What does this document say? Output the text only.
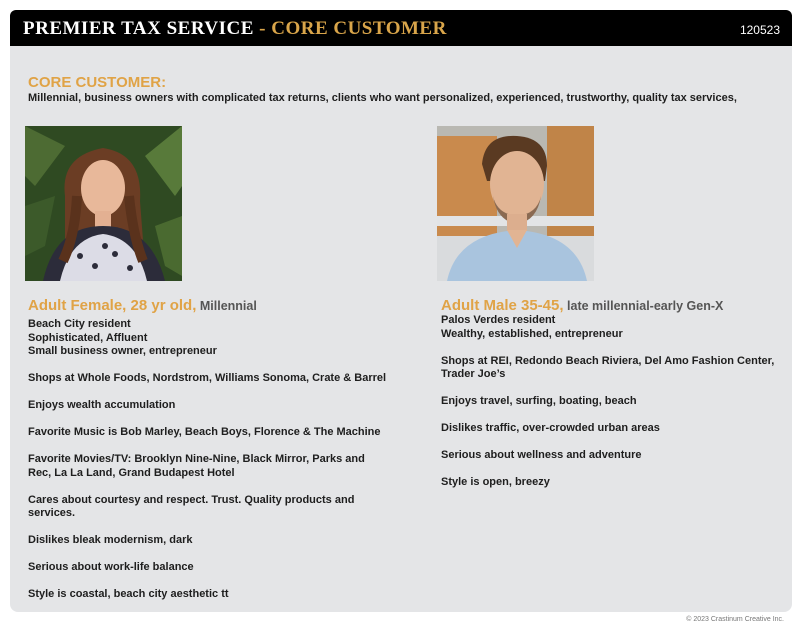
PREMIER TAX SERVICE - CORE CUSTOMER	120523
CORE CUSTOMER:
Millennial, business owners with complicated tax returns, clients who want personalized, experienced, trustworthy, quality tax services,
Adult Female, 28 yr old, Millennial
Beach City resident
Sophisticated, Affluent
Small business owner, entrepreneur
Shops at Whole Foods, Nordstrom, Williams Sonoma, Crate & Barrel
Enjoys wealth accumulation
Favorite Music is Bob Marley, Beach Boys, Florence & The Machine
Favorite Movies/TV: Brooklyn Nine-Nine, Black Mirror, Parks and
Rec, La La Land, Grand Budapest Hotel
Cares about courtesy and respect. Trust. Quality products and
services.
Dislikes bleak modernism, dark
Serious about work-life balance
Style is coastal, beach city aesthetic tt
Adult Male 35-45, late millennial-early Gen-X
Palos Verdes resident
Wealthy, established, entrepreneur
Shops at REI, Redondo Beach Riviera, Del Amo Fashion Center,
Trader Joe’s
Enjoys travel, surfing, boating, beach
Dislikes traffic, over-crowded urban areas
Serious about wellness and adventure
Style is open, breezy
© 2023 Crastinum Creative Inc.
